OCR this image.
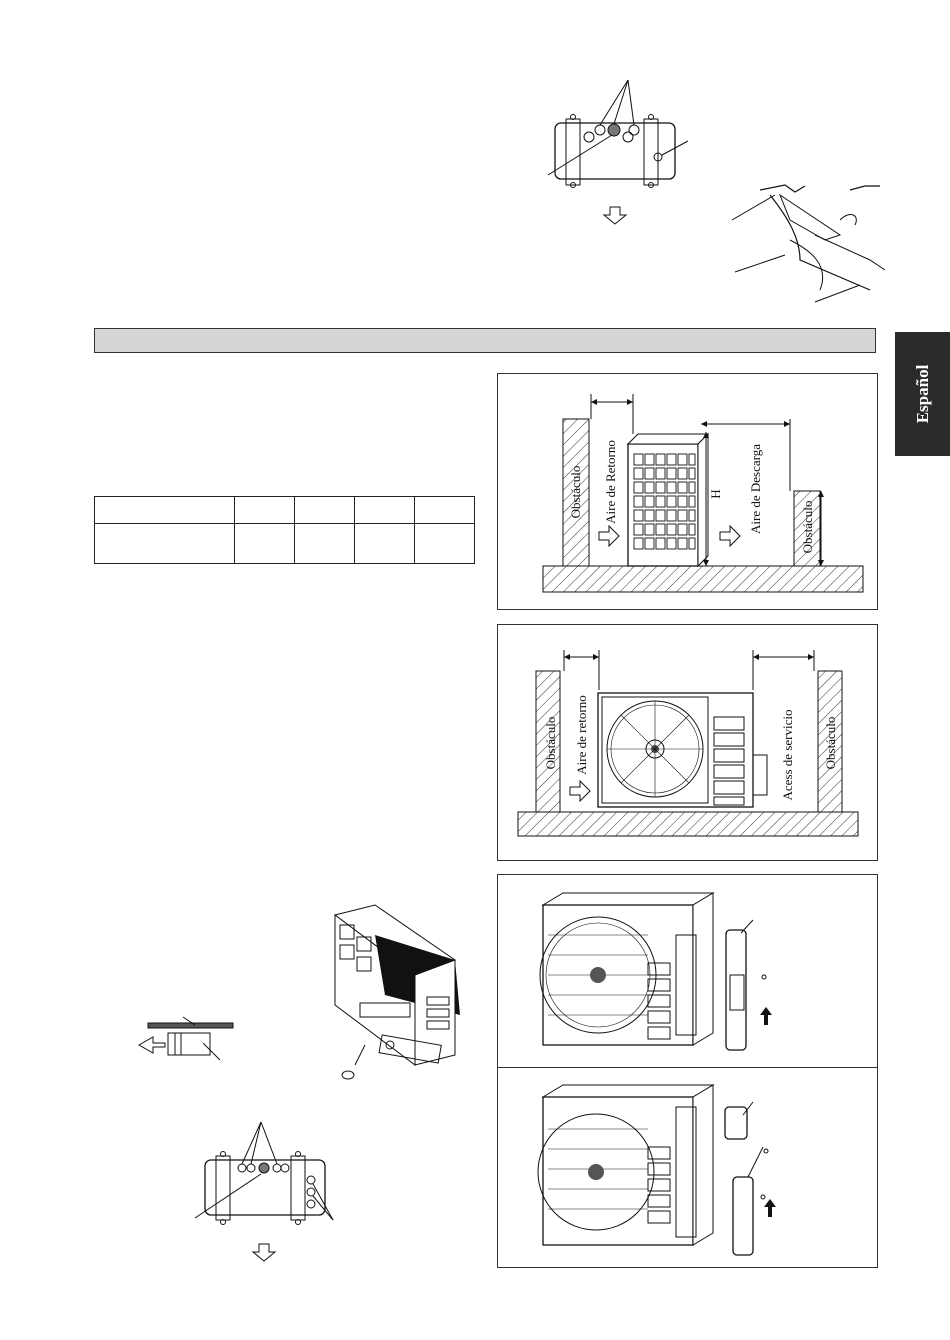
Español

Obstáculo Aire de Retorno	H Aire de Descarga	Obstáculo
Obstáculo Aire de retorno	Acess de servicio Obstáculo
